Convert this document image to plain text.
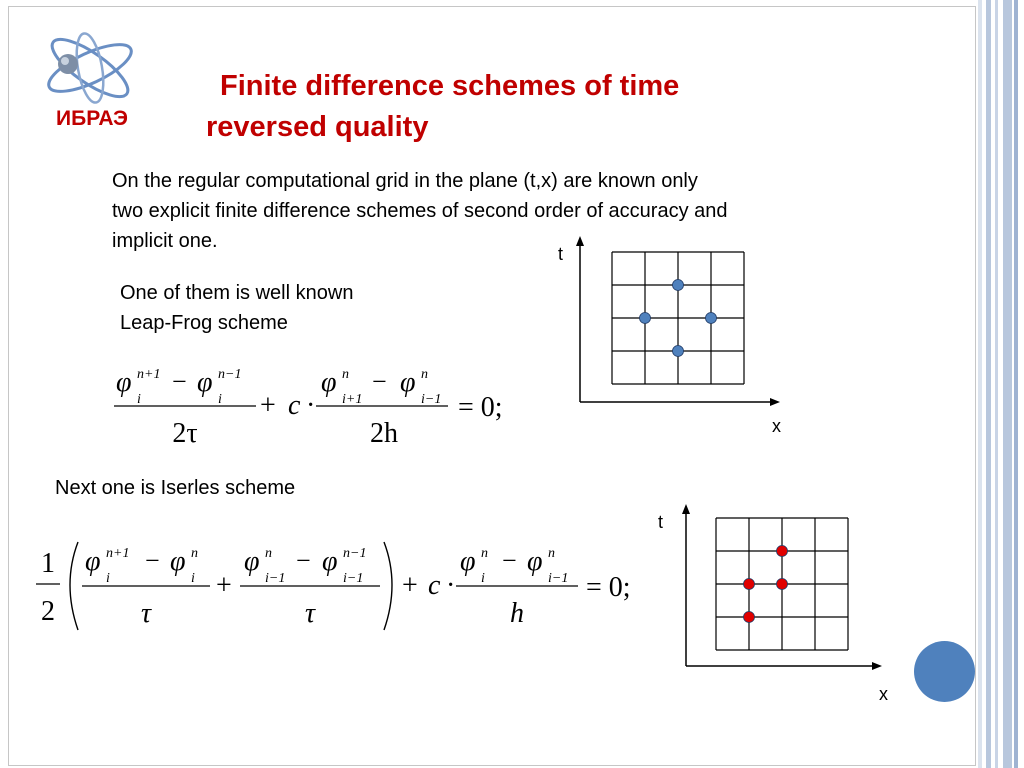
ИБРАЭ
Finite difference schemes of time
reversed quality

On the regular computational grid in the plane (t,x) are known only
two explicit finite difference schemes of second order of accuracy and
implicit one.

One of them is well known
Leap-Frog scheme

φ n+1
i
− φ n−1
i
2τ
+ c ·
φ n
i+1
− φ n
i−1
2h
= 0;
t
x

Next one is Iserles scheme

1
2
φ n+1
i
− φ n
i
τ
+
φ n
i−1
− φ n−1
i−1
τ
+ c ·
φ n
i
− φ n
i−1
h
= 0;
t
x
